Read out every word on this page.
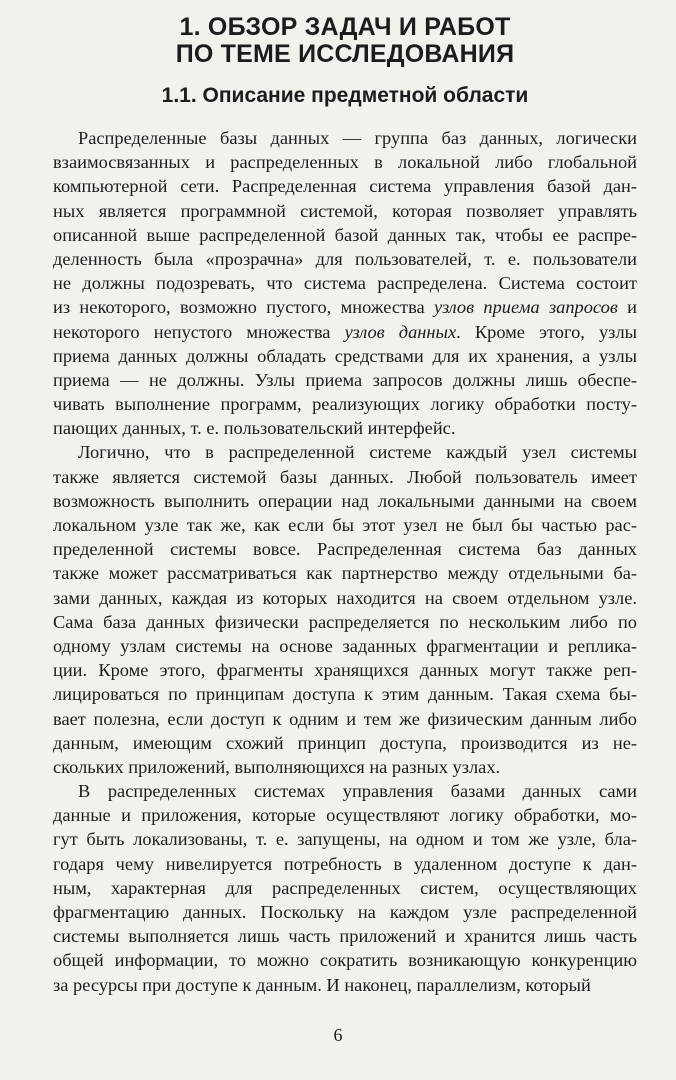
1. ОБЗОР ЗАДАЧ И РАБОТ
ПО ТЕМЕ ИССЛЕДОВАНИЯ
1.1. Описание предметной области
Распределенные базы данных — группа баз данных, логически
взаимосвязанных и распределенных в локальной либо глобальной
компьютерной сети. Распределенная система управления базой дан-
ных является программной системой, которая позволяет управлять
описанной выше распределенной базой данных так, чтобы ее распре-
деленность была «прозрачна» для пользователей, т. е. пользователи
не должны подозревать, что система распределена. Система состоит
из некоторого, возможно пустого, множества узлов приема запросов и
некоторого непустого множества узлов данных. Кроме этого, узлы
приема данных должны обладать средствами для их хранения, а узлы
приема — не должны. Узлы приема запросов должны лишь обеспе-
чивать выполнение программ, реализующих логику обработки посту-
пающих данных, т. е. пользовательский интерфейс.
Логично, что в распределенной системе каждый узел системы
также является системой базы данных. Любой пользователь имеет
возможность выполнить операции над локальными данными на своем
локальном узле так же, как если бы этот узел не был бы частью рас-
пределенной системы вовсе. Распределенная система баз данных
также может рассматриваться как партнерство между отдельными ба-
зами данных, каждая из которых находится на своем отдельном узле.
Сама база данных физически распределяется по нескольким либо по
одному узлам системы на основе заданных фрагментации и реплика-
ции. Кроме этого, фрагменты хранящихся данных могут также реп-
лицироваться по принципам доступа к этим данным. Такая схема бы-
вает полезна, если доступ к одним и тем же физическим данным либо
данным, имеющим схожий принцип доступа, производится из не-
скольких приложений, выполняющихся на разных узлах.
В распределенных системах управления базами данных сами
данные и приложения, которые осуществляют логику обработки, мо-
гут быть локализованы, т. е. запущены, на одном и том же узле, бла-
годаря чему нивелируется потребность в удаленном доступе к дан-
ным, характерная для распределенных систем, осуществляющих
фрагментацию данных. Поскольку на каждом узле распределенной
системы выполняется лишь часть приложений и хранится лишь часть
общей информации, то можно сократить возникающую конкуренцию
за ресурсы при доступе к данным. И наконец, параллелизм, который
6
